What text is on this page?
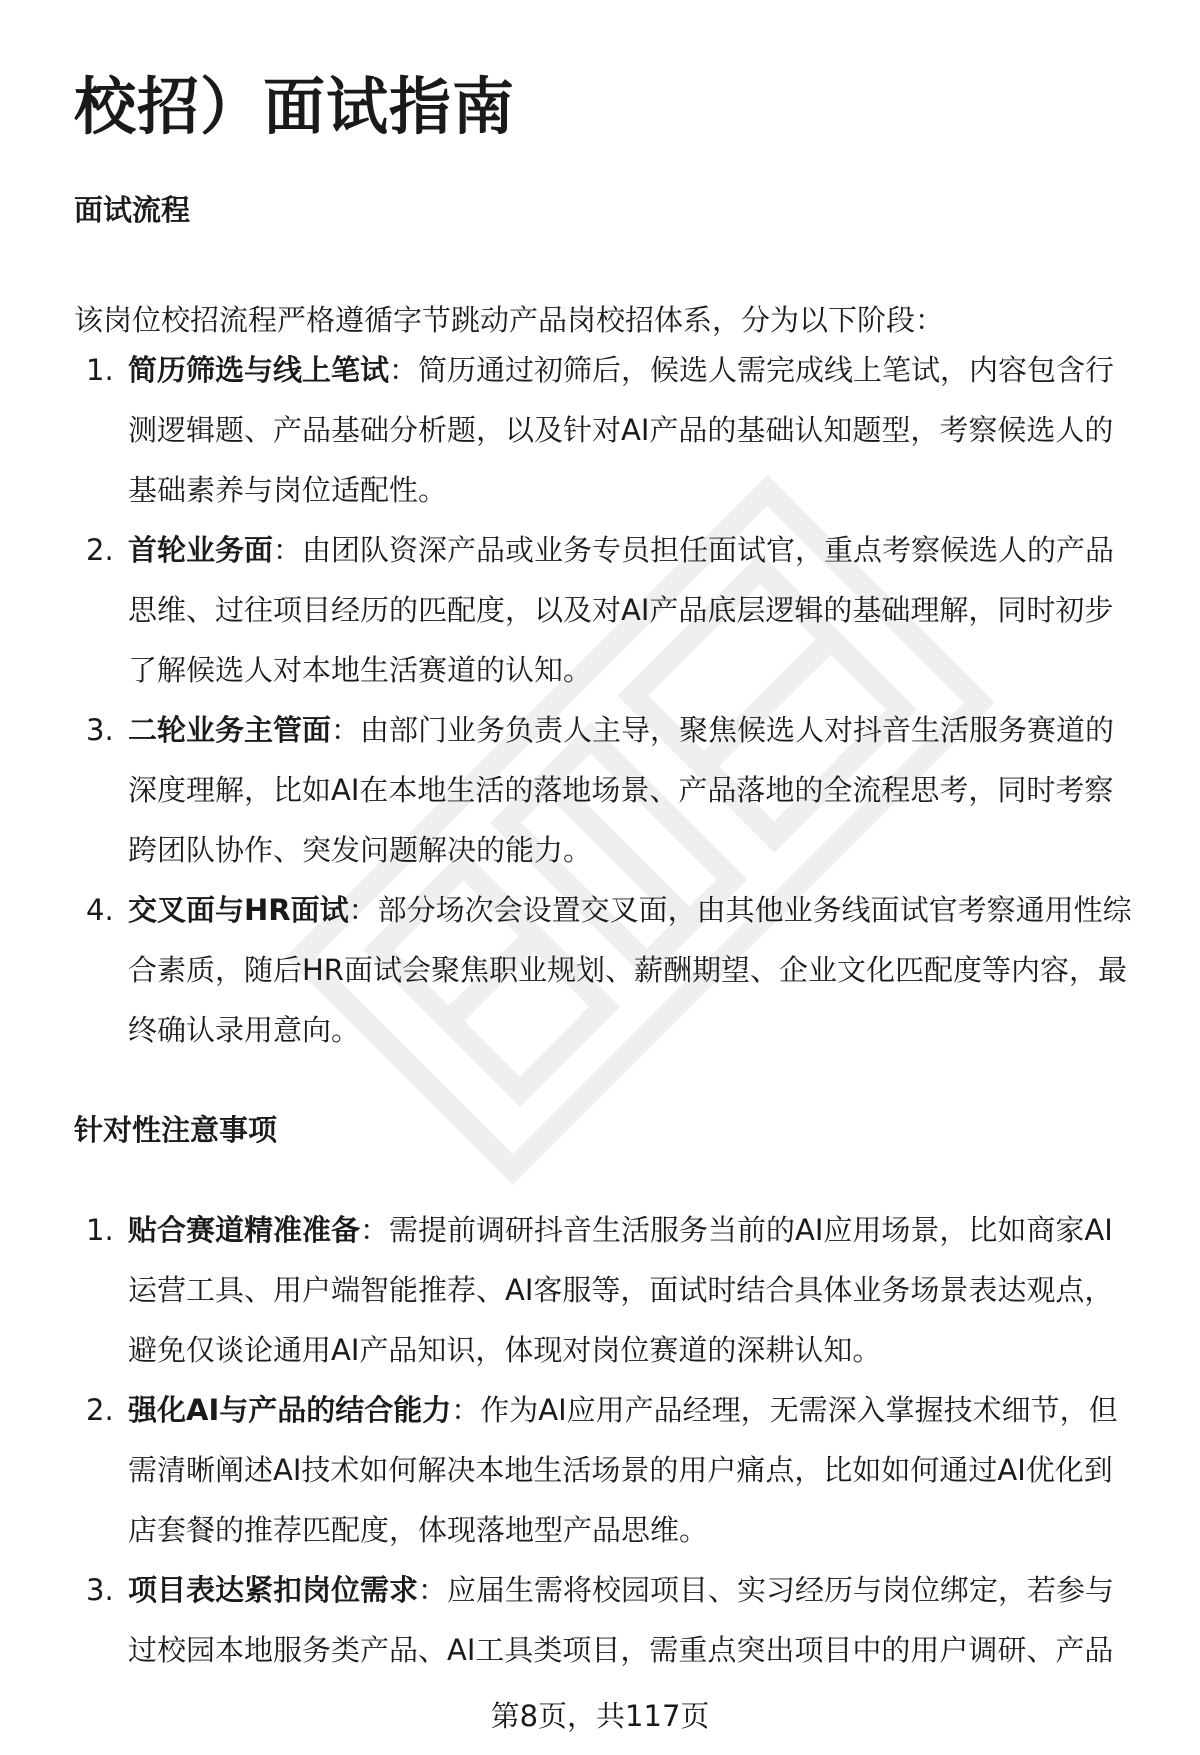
校招）面试指南
面试流程

该岗位校招流程严格遵循字节跳动产品岗校招体系，分为以下阶段：

1. 简历筛选与线上笔试：简历通过初筛后，候选人需完成线上笔试，内容包含行
测逻辑题、产品基础分析题，以及针对AI产品的基础认知题型，考察候选人的
基础素养与岗位适配性。
2. 首轮业务面：由团队资深产品或业务专员担任面试官，重点考察候选人的产品
思维、过往项目经历的匹配度，以及对AI产品底层逻辑的基础理解，同时初步
了解候选人对本地生活赛道的认知。
3. 二轮业务主管面：由部门业务负责人主导，聚焦候选人对抖音生活服务赛道的
深度理解，比如AI在本地生活的落地场景、产品落地的全流程思考，同时考察
跨团队协作、突发问题解决的能力。
4. 交叉面与HR面试：部分场次会设置交叉面，由其他业务线面试官考察通用性综
合素质，随后HR面试会聚焦职业规划、薪酬期望、企业文化匹配度等内容，最
终确认录用意向。
针对性注意事项
1. 贴合赛道精准准备：需提前调研抖音生活服务当前的AI应用场景，比如商家AI
运营工具、用户端智能推荐、AI客服等，面试时结合具体业务场景表达观点，
避免仅谈论通用AI产品知识，体现对岗位赛道的深耕认知。
2. 强化AI与产品的结合能力：作为AI应用产品经理，无需深入掌握技术细节，但
需清晰阐述AI技术如何解决本地生活场景的用户痛点，比如如何通过AI优化到
店套餐的推荐匹配度，体现落地型产品思维。
3. 项目表达紧扣岗位需求：应届生需将校园项目、实习经历与岗位绑定，若参与
过校园本地服务类产品、AI工具类项目，需重点突出项目中的用户调研、产品
第8页，共117页
